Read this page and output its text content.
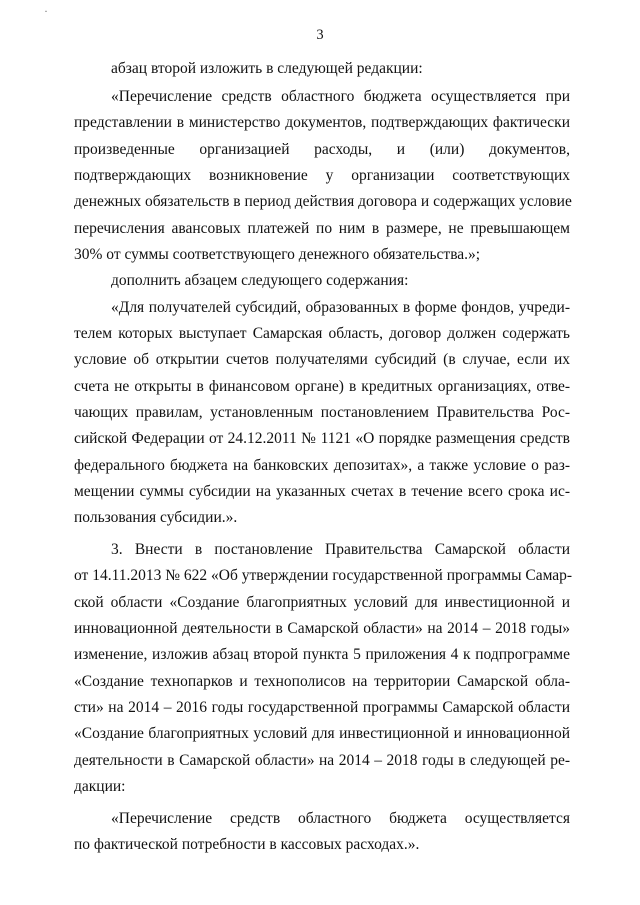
·
3

абзац второй изложить в следующей редакции:

«Перечисление средств областного бюджета осуществляется при

представлении в министерство документов, подтверждающих фактически

произведенные организацией расходы, и (или) документов,

подтверждающих возникновение у организации соответствующих

денежных обязательств в период действия договора и содержащих условие

перечисления авансовых платежей по ним в размере, не превышающем

30% от суммы соответствующего денежного обязательства.»;

дополнить абзацем следующего содержания:

«Для получателей субсидий, образованных в форме фондов, учреди-

телем которых выступает Самарская область, договор должен содержать

условие об открытии счетов получателями субсидий (в случае, если их

счета не открыты в финансовом органе) в кредитных организациях, отве-

чающих правилам, установленным постановлением Правительства Рос-

сийской Федерации от 24.12.2011 № 1121 «О порядке размещения средств

федерального бюджета на банковских депозитах», а также условие о раз-

мещении суммы субсидии на указанных счетах в течение всего срока ис-

пользования субсидии.».

3. Внести в постановление Правительства Самарской области

от 14.11.2013 № 622 «Об утверждении государственной программы Самар-

ской области «Создание благоприятных условий для инвестиционной и

инновационной деятельности в Самарской области» на 2014 – 2018 годы»

изменение, изложив абзац второй пункта 5 приложения 4 к подпрограмме

«Создание технопарков и технополисов на территории Самарской обла-

сти» на 2014 – 2016 годы государственной программы Самарской области

«Создание благоприятных условий для инвестиционной и инновационной

деятельности в Самарской области» на 2014 – 2018 годы в следующей ре-

дакции:

«Перечисление средств областного бюджета осуществляется

по фактической потребности в кассовых расходах.».
